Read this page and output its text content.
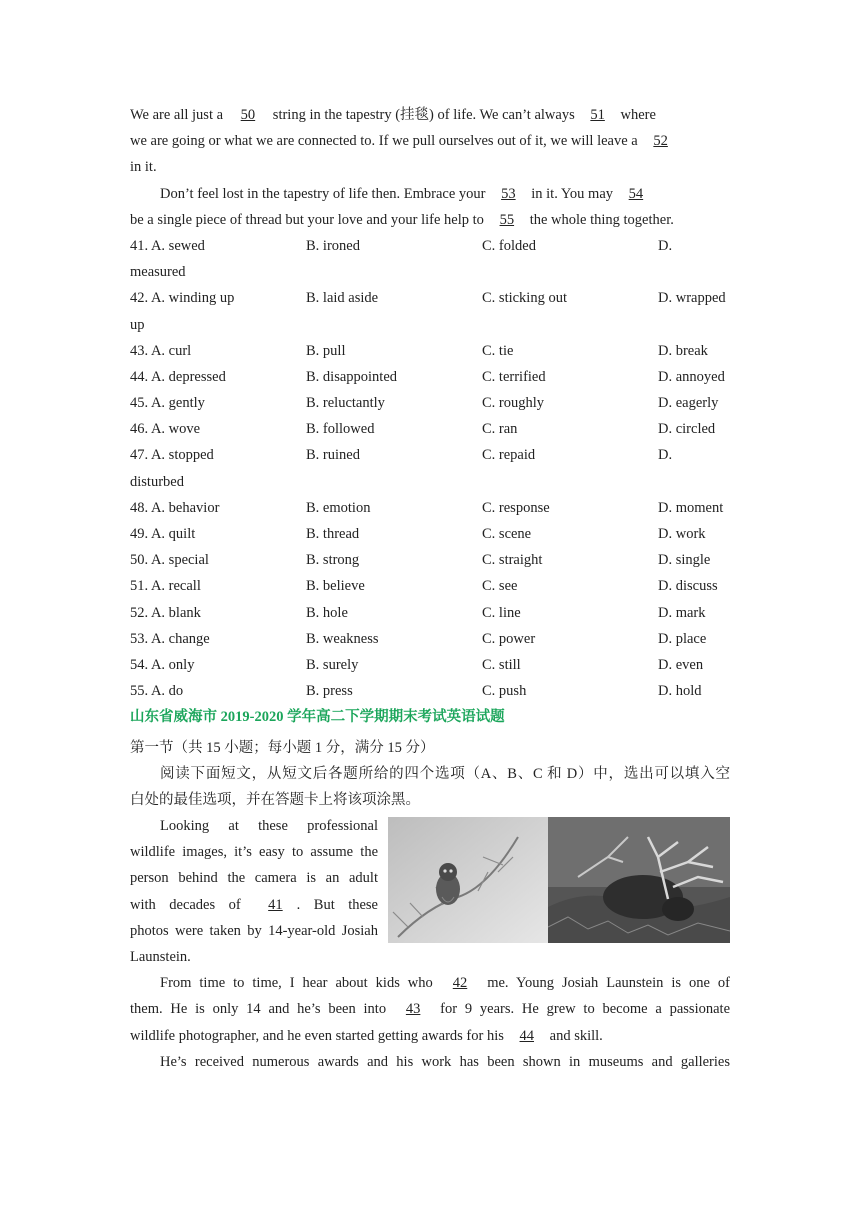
We are all just a 50 string in the tapestry (挂毯) of life. We can’t always 51 where
we are going or what we are connected to. If we pull ourselves out of it, we will leave a 52
in it.
Don’t feel lost in the tapestry of life then. Embrace your 53 in it. You may 54
be a single piece of thread but your love and your life help to 55 the whole thing together.
41. A. sewed	B. ironed	C. folded	D.
measured
42. A. winding up	B. laid aside	C. sticking out	D. wrapped
up
43. A. curl	B. pull	C. tie	D. break
44. A. depressed	B. disappointed	C. terrified	D. annoyed
45. A. gently	B. reluctantly	C. roughly	D. eagerly
46. A. wove	B. followed	C. ran	D. circled
47. A. stopped	B. ruined	C. repaid	D.
disturbed
48. A. behavior	B. emotion	C. response	D. moment
49. A. quilt	B. thread	C. scene	D. work
50. A. special	B. strong	C. straight	D. single
51. A. recall	B. believe	C. see	D. discuss
52. A. blank	B. hole	C. line	D. mark
53. A. change	B. weakness	C. power	D. place
54. A. only	B. surely	C. still	D. even
55. A. do	B. press	C. push	D. hold
山东省威海市 2019-2020 学年高二下学期期末考试英语试题
第一节（共 15 小题；每小题 1 分，满分 15 分）
阅读下面短文，从短文后各题所给的四个选项（A、B、C 和 D）中，选出可以填入空
白处的最佳选项，并在答题卡上将该项涂黑。
Looking at these professional
wildlife images, it’s easy to assume the
person behind the camera is an adult
with decades of 41 . But these
photos were taken by 14-year-old Josiah
Launstein.
From time to time, I hear about kids who 42 me. Young Josiah Launstein is one of
them. He is only 14 and he’s been into 43 for 9 years. He grew to become a passionate
wildlife photographer, and he even started getting awards for his 44 and skill.
He’s received numerous awards and his work has been shown in museums and galleries
